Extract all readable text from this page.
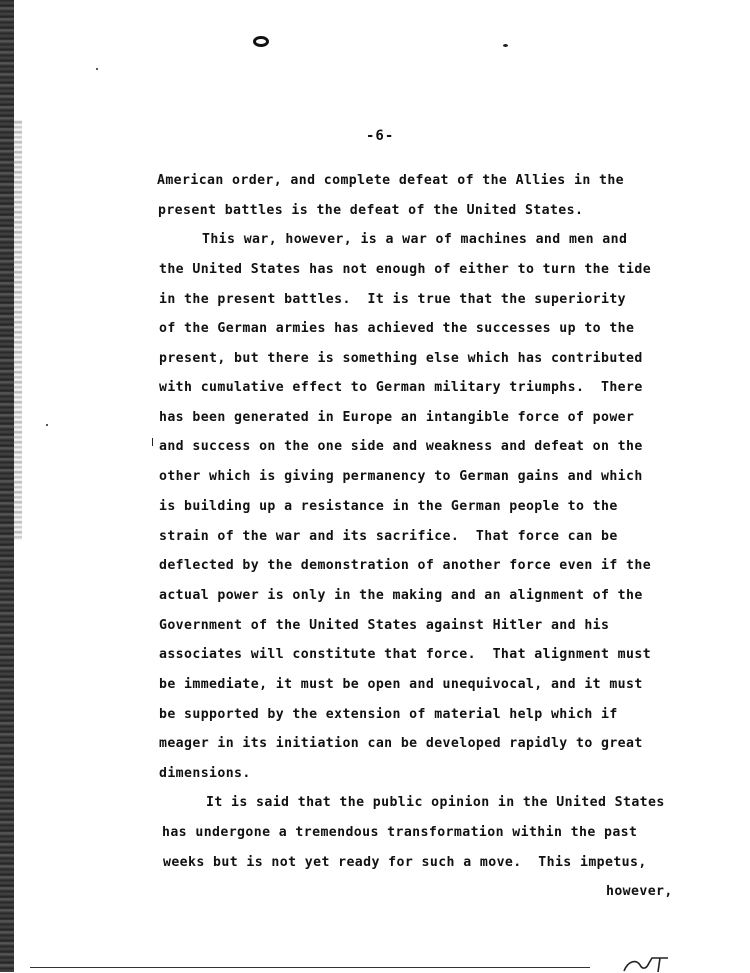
-6-
American order, and complete defeat of the Allies in the
present battles is the defeat of the United States.
This war, however, is a war of machines and men and
the United States has not enough of either to turn the tide
in the present battles.  It is true that the superiority
of the German armies has achieved the successes up to the
present, but there is something else which has contributed
with cumulative effect to German military triumphs.  There
has been generated in Europe an intangible force of power
and success on the one side and weakness and defeat on the
other which is giving permanency to German gains and which
is building up a resistance in the German people to the
strain of the war and its sacrifice.  That force can be
deflected by the demonstration of another force even if the
actual power is only in the making and an alignment of the
Government of the United States against Hitler and his
associates will constitute that force.  That alignment must
be immediate, it must be open and unequivocal, and it must
be supported by the extension of material help which if
meager in its initiation can be developed rapidly to great
dimensions.
It is said that the public opinion in the United States
has undergone a tremendous transformation within the past
weeks but is not yet ready for such a move.  This impetus,
however,
